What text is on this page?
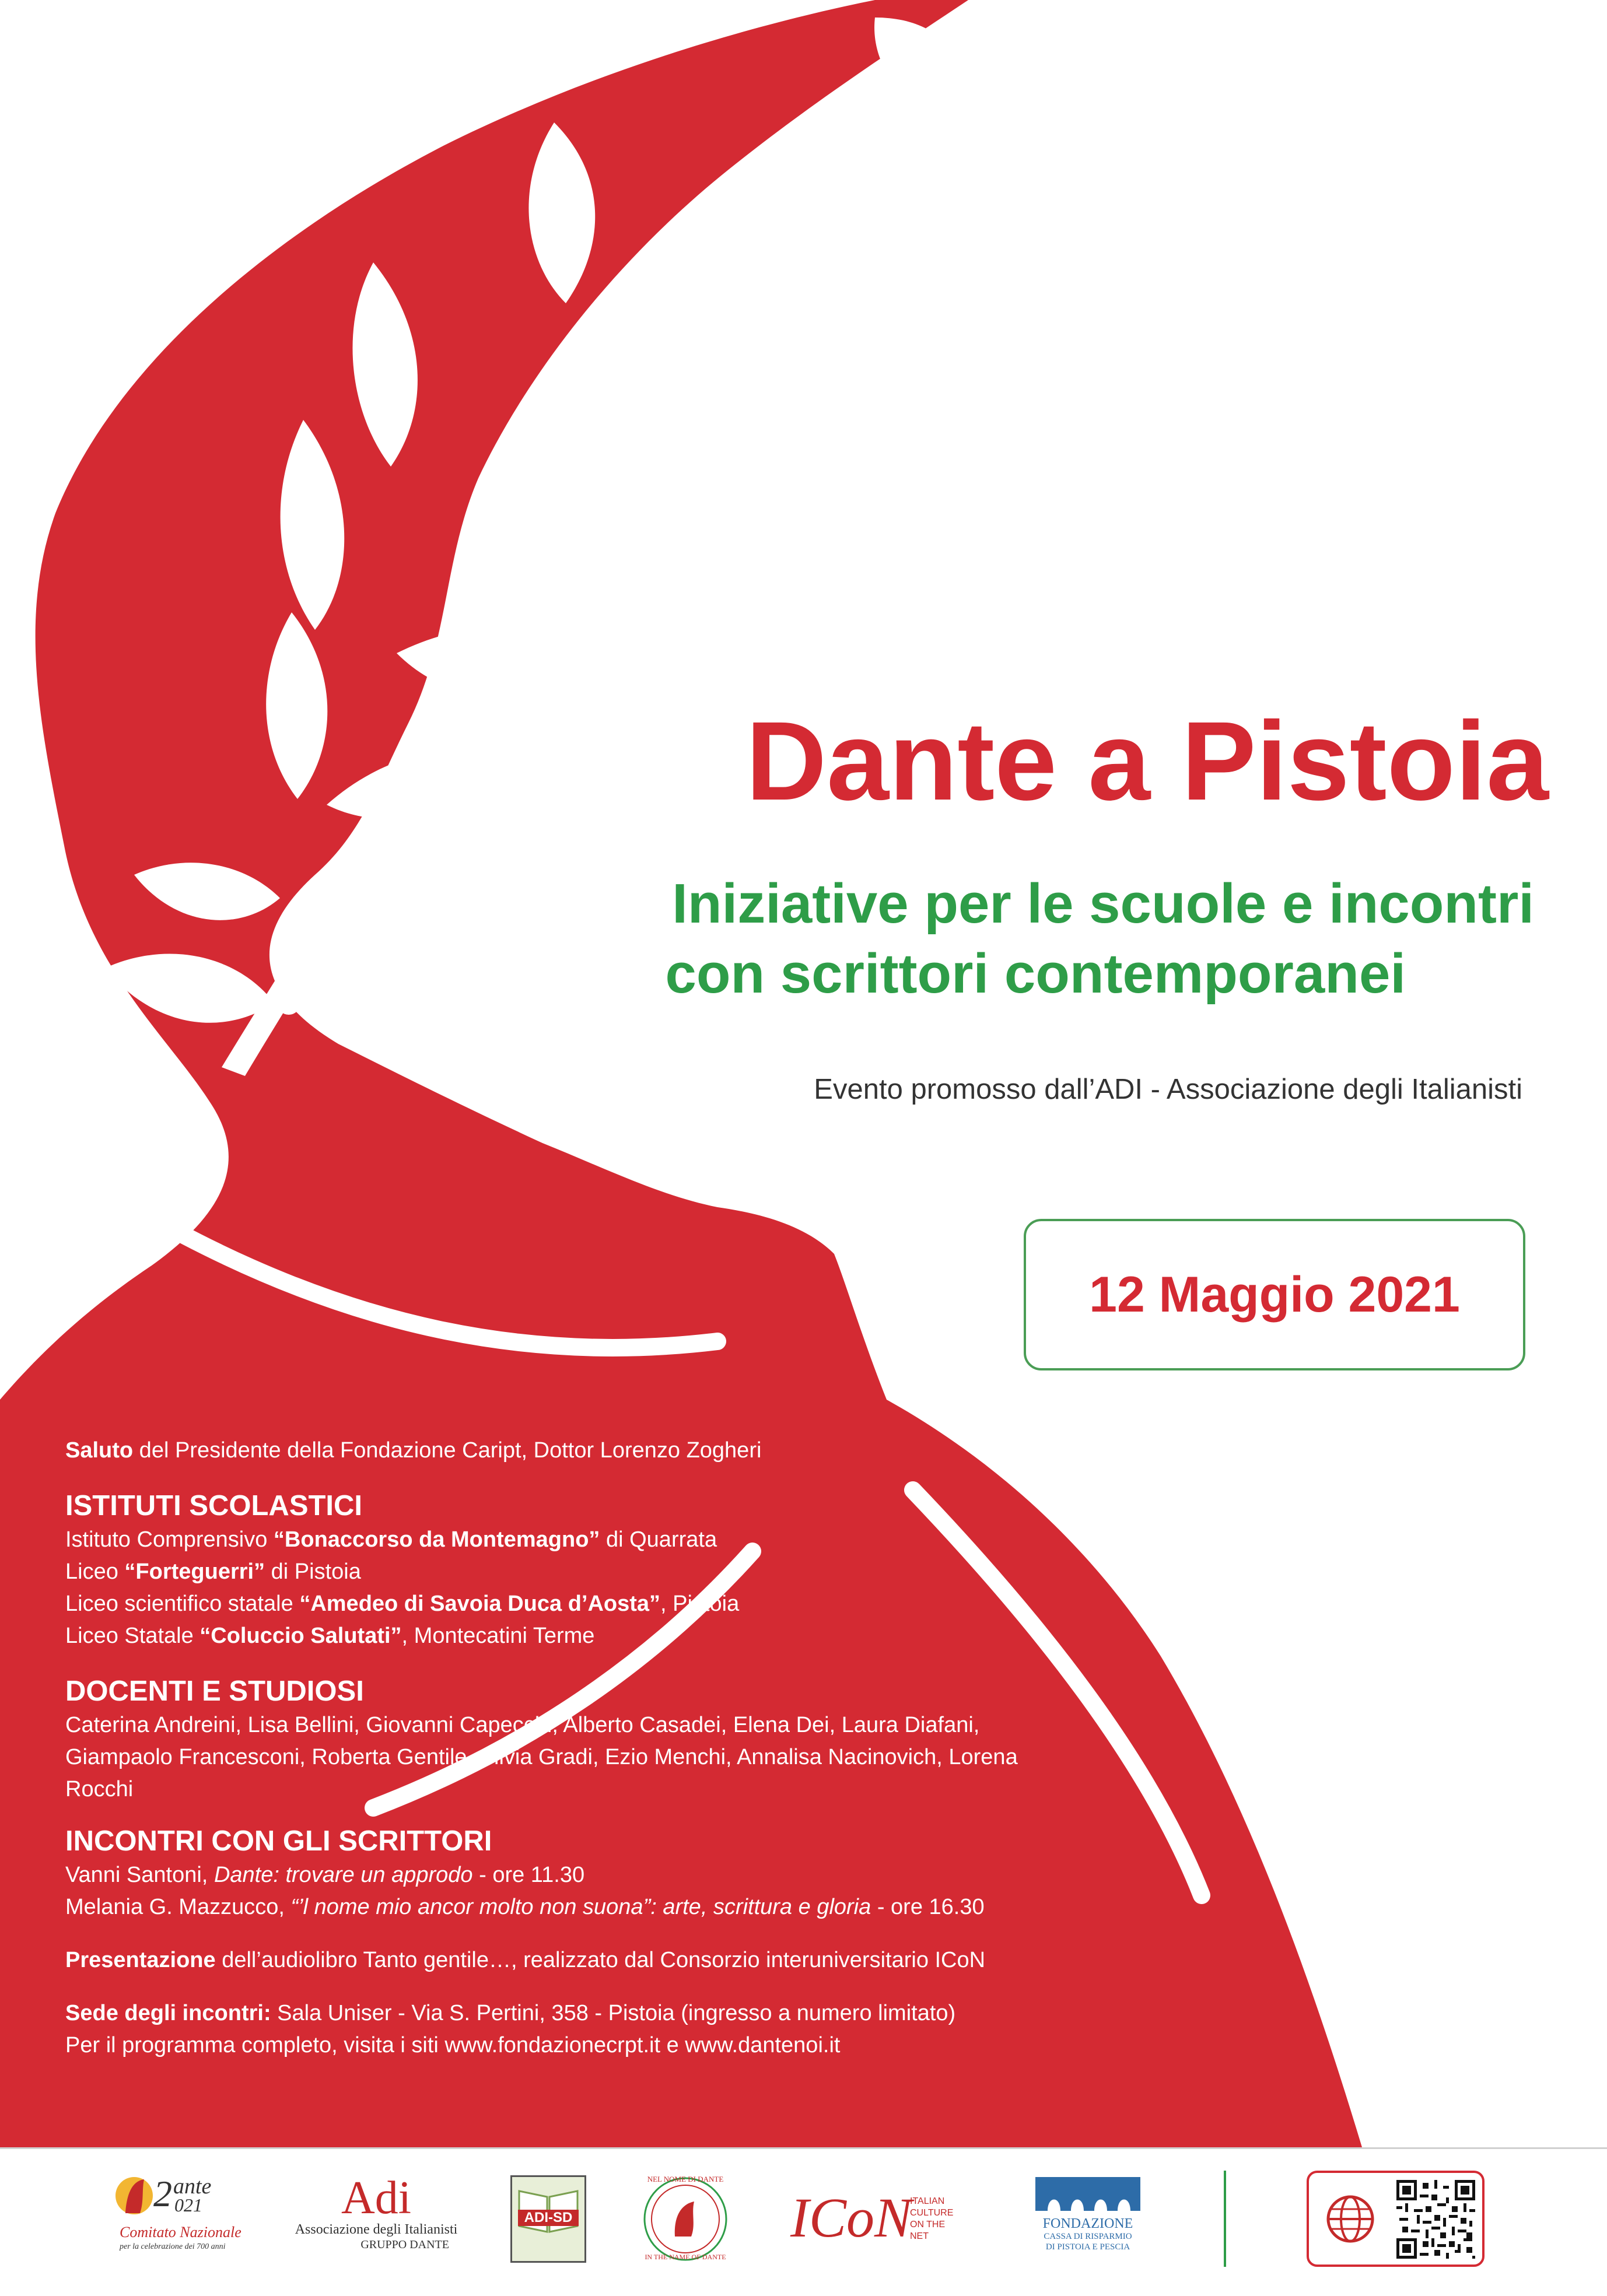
Dante a Pistoia
Iniziative per le scuole e incontri
con scrittori contemporanei
Evento promosso dall’ADI - Associazione degli Italianisti
12 Maggio 2021

Saluto del Presidente della Fondazione Caript, Dottor Lorenzo Zogheri

ISTITUTI SCOLASTICI

Istituto Comprensivo “Bonaccorso da Montemagno” di Quarrata

Liceo “Forteguerri” di Pistoia

Liceo scientifico statale “Amedeo di Savoia Duca d’Aosta”, Pistoia

Liceo Statale “Coluccio Salutati”, Montecatini Terme

DOCENTI E STUDIOSI

Caterina Andreini, Lisa Bellini, Giovanni Capecchi, Alberto Casadei, Elena Dei, Laura Diafani,

Giampaolo Francesconi, Roberta Gentile, Silvia Gradi, Ezio Menchi, Annalisa Nacinovich, Lorena

Rocchi

INCONTRI CON GLI SCRITTORI

Vanni Santoni, Dante: trovare un approdo - ore 11.30

Melania G. Mazzucco, “’l nome mio ancor molto non suona”: arte, scrittura e gloria - ore 16.30

Presentazione dell’audiolibro Tanto gentile…, realizzato dal Consorzio interuniversitario ICoN

Sede degli incontri: Sala Uniser - Via S. Pertini, 358 - Pistoia (ingresso a numero limitato)

Per il programma completo, visita i siti www.fondazionecrpt.it e www.dantenoi.it

2 ante
021
Comitato Nazionale
per la celebrazione dei 700 anni
Adi
Associazione degli Italianisti
GRUPPO DANTE
ADI-SD
NEL NOME DI DANTE
IN THE NAME OF DANTE
ICoN
ITALIAN
CULTURE
ON THE NET
FONDAZIONE
CASSA DI RISPARMIO
DI PISTOIA E PESCIA
